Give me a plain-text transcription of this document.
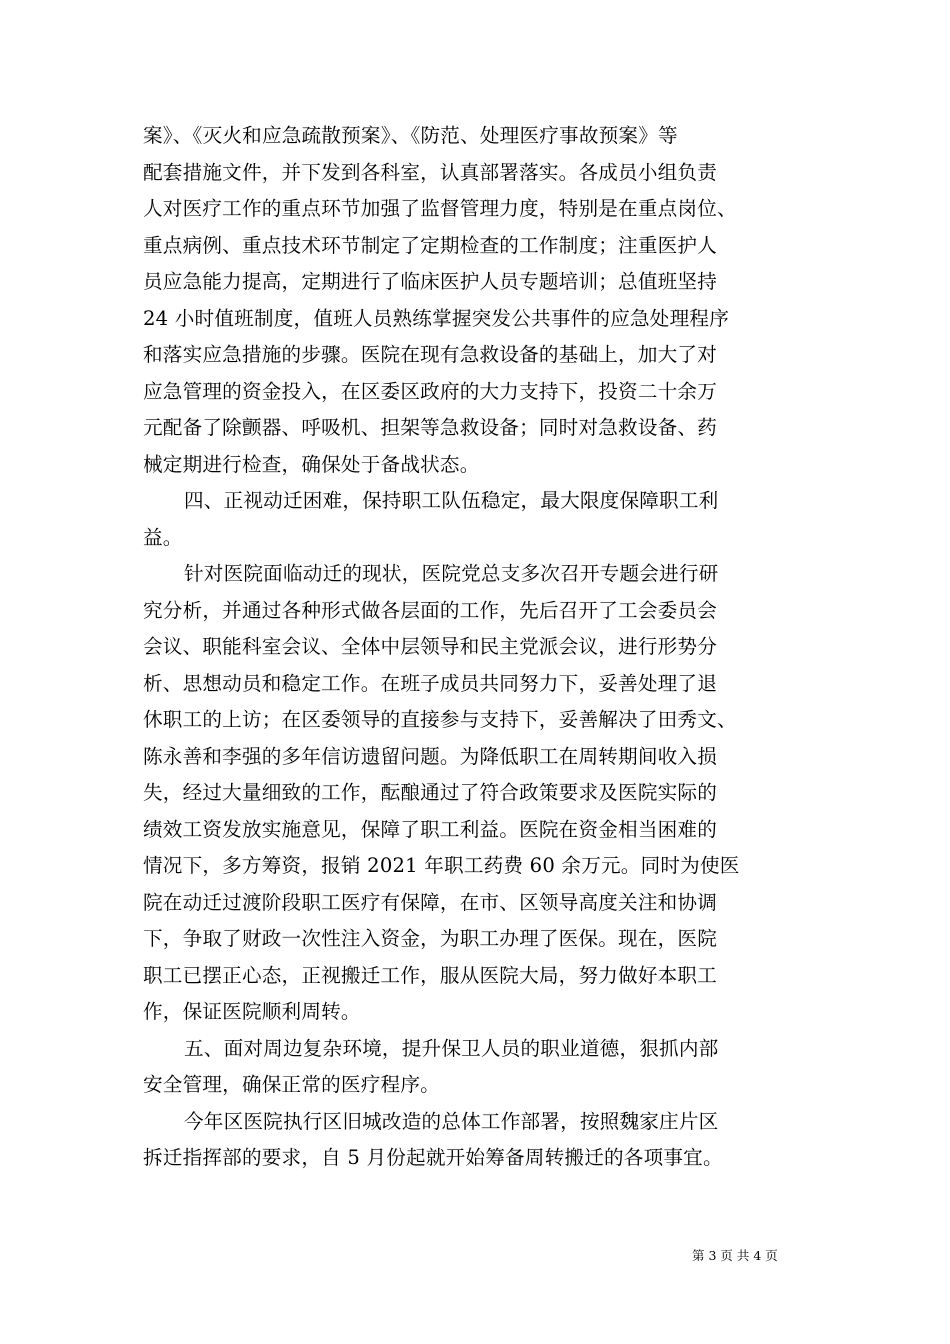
案》、《灭火和应急疏散预案》、《防范、处理医疗事故预案》等
配套措施文件，并下发到各科室，认真部署落实。各成员小组负责
人对医疗工作的重点环节加强了监督管理力度，特别是在重点岗位、
重点病例、重点技术环节制定了定期检查的工作制度；注重医护人
员应急能力提高，定期进行了临床医护人员专题培训；总值班坚持
24 小时值班制度，值班人员熟练掌握突发公共事件的应急处理程序
和落实应急措施的步骤。医院在现有急救设备的基础上，加大了对
应急管理的资金投入，在区委区政府的大力支持下，投资二十余万
元配备了除颤器、呼吸机、担架等急救设备；同时对急救设备、药
械定期进行检查，确保处于备战状态。
四、正视动迁困难，保持职工队伍稳定，最大限度保障职工利
益。
针对医院面临动迁的现状，医院党总支多次召开专题会进行研
究分析，并通过各种形式做各层面的工作，先后召开了工会委员会
会议、职能科室会议、全体中层领导和民主党派会议，进行形势分
析、思想动员和稳定工作。在班子成员共同努力下，妥善处理了退
休职工的上访；在区委领导的直接参与支持下，妥善解决了田秀文、
陈永善和李强的多年信访遗留问题。为降低职工在周转期间收入损
失，经过大量细致的工作，酝酿通过了符合政策要求及医院实际的
绩效工资发放实施意见，保障了职工利益。医院在资金相当困难的
情况下，多方筹资，报销 2021 年职工药费 60 余万元。同时为使医
院在动迁过渡阶段职工医疗有保障，在市、区领导高度关注和协调
下，争取了财政一次性注入资金，为职工办理了医保。现在，医院
职工已摆正心态，正视搬迁工作，服从医院大局，努力做好本职工
作，保证医院顺利周转。
五、面对周边复杂环境，提升保卫人员的职业道德，狠抓内部
安全管理，确保正常的医疗程序。
今年区医院执行区旧城改造的总体工作部署，按照魏家庄片区
拆迁指挥部的要求，自 5 月份起就开始筹备周转搬迁的各项事宜。
第 3 页 共 4 页
